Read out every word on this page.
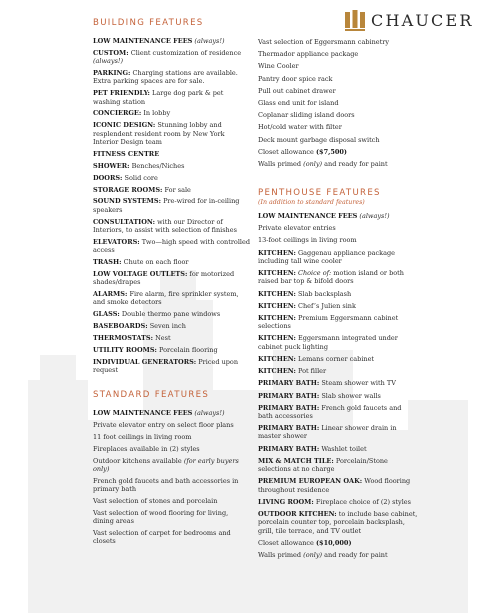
CHAUCER
BUILDING FEATURES
LOW MAINTENANCE FEES (always!)
CUSTOM: Client customization of residence (always!)
PARKING: Charging stations are available. Extra parking spaces are for sale.
PET FRIENDLY: Large dog park & pet washing station
CONCIERGE: In lobby
ICONIC DESIGN: Stunning lobby and resplendent resident room by New York Interior Design team
FITNESS CENTRE
SHOWER: Benches/Niches
DOORS: Solid core
STORAGE ROOMS: For sale
SOUND SYSTEMS: Pre-wired for in-ceiling speakers
CONSULTATION: with our Director of Interiors, to assist with selection of finishes
ELEVATORS: Two—high speed with controlled access
TRASH: Chute on each floor
LOW VOLTAGE OUTLETS: for motorized shades/drapes
ALARMS: Fire alarm, fire sprinkler system, and smoke detectors
GLASS: Double thermo pane windows
BASEBOARDS: Seven inch
THERMOSTATS: Nest
UTILITY ROOMS: Porcelain flooring
INDIVIDUAL GENERATORS: Priced upon request
STANDARD FEATURES
LOW MAINTENANCE FEES (always!)
Private elevator entry on select floor plans
11 foot ceilings in living room
Fireplaces available in (2) styles
Outdoor kitchens available (for early buyers only)
French gold faucets and bath accessories in primary bath
Vast selection of stones and porcelain
Vast selection of wood flooring for living, dining areas
Vast selection of carpet for bedrooms and closets
Vast selection of Eggersmann cabinetry
Thermador appliance package
Wine Cooler
Pantry door spice rack
Pull out cabinet drawer
Glass end unit for island
Coplanar sliding island doors
Hot/cold water with filter
Deck mount garbage disposal switch
Closet allowance ($7,500)
Walls primed (only) and ready for paint
PENTHOUSE FEATURES
(In addition to standard features)
LOW MAINTENANCE FEES (always!)
Private elevator entries
13-foot ceilings in living room
KITCHEN: Gaggenau appliance package including tall wine cooler
KITCHEN: Choice of: motion island or both raised bar top & bifold doors
KITCHEN: Slab backsplash
KITCHEN: Chef’s Julien sink
KITCHEN: Premium Eggersmann cabinet selections
KITCHEN: Eggersmann integrated under cabinet puck lighting
KITCHEN: Lemans corner cabinet
KITCHEN: Pot filler
PRIMARY BATH: Steam shower with TV
PRIMARY BATH: Slab shower walls
PRIMARY BATH: French gold faucets and bath accessories
PRIMARY BATH: Linear shower drain in master shower
PRIMARY BATH: Washlet toilet
MIX & MATCH TILE: Porcelain/Stone selections at no charge
PREMIUM EUROPEAN OAK: Wood flooring throughout residence
LIVING ROOM: Fireplace choice of (2) styles
OUTDOOR KITCHEN: to include base cabinet, porcelain counter top, porcelain backsplash, grill, tile terrace, and TV outlet
Closet allowance ($10,000)
Walls primed (only) and ready for paint
